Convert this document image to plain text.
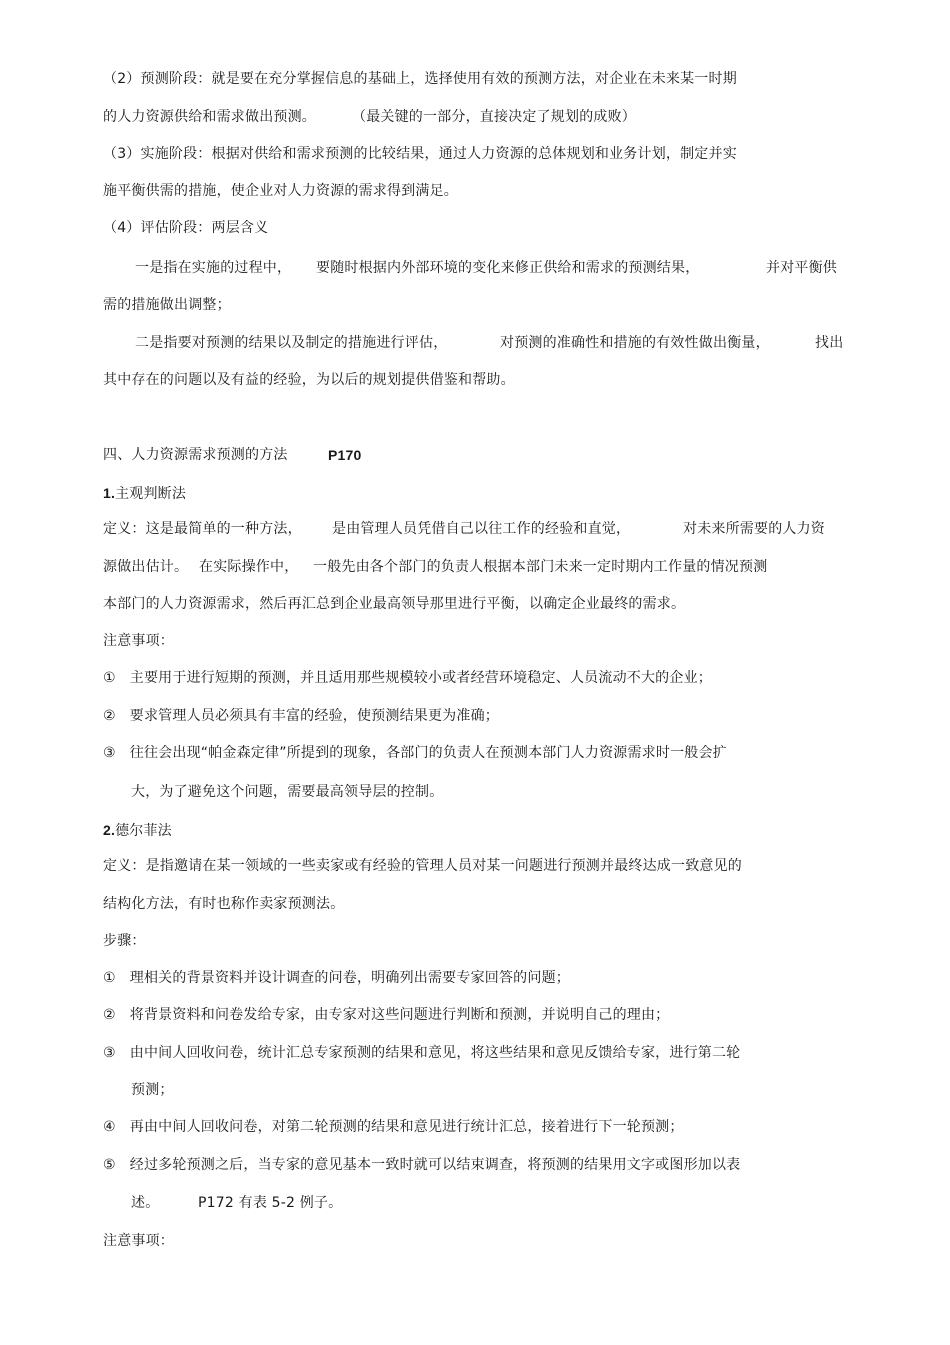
（2）预测阶段：就是要在充分掌握信息的基础上，选择使用有效的预测方法，对企业在未来某一时期
的人力资源供给和需求做出预测。	（最关键的一部分，直接决定了规划的成败）
（3）实施阶段：根据对供给和需求预测的比较结果，通过人力资源的总体规划和业务计划，制定并实
施平衡供需的措施，使企业对人力资源的需求得到满足。
（4）评估阶段：两层含义
一是指在实施的过程中， 要随时根据内外部环境的变化来修正供给和需求的预测结果，	并对平衡供
需的措施做出调整；
二是指要对预测的结果以及制定的措施进行评估，	对预测的准确性和措施的有效性做出衡量，	找出
其中存在的问题以及有益的经验，为以后的规划提供借鉴和帮助。
四、人力资源需求预测的方法	P170
1.主观判断法
定义：这是最简单的一种方法， 是由管理人员凭借自己以往工作的经验和直觉，	对未来所需要的人力资
源做出估计。 在实际操作中， 一般先由各个部门的负责人根据本部门未来一定时期内工作量的情况预测
本部门的人力资源需求，然后再汇总到企业最高领导那里进行平衡，以确定企业最终的需求。
注意事项：
① 主要用于进行短期的预测，并且适用那些规模较小或者经营环境稳定、人员流动不大的企业；
② 要求管理人员必须具有丰富的经验，使预测结果更为准确；
③ 往往会出现“帕金森定律”所提到的现象，各部门的负责人在预测本部门人力资源需求时一般会扩
大，为了避免这个问题，需要最高领导层的控制。
2.德尔菲法
定义：是指邀请在某一领域的一些卖家或有经验的管理人员对某一问题进行预测并最终达成一致意见的
结构化方法，有时也称作卖家预测法。
步骤：
① 理相关的背景资料并设计调查的问卷，明确列出需要专家回答的问题；
② 将背景资料和问卷发给专家，由专家对这些问题进行判断和预测，并说明自己的理由；
③ 由中间人回收问卷，统计汇总专家预测的结果和意见，将这些结果和意见反馈给专家，进行第二轮
预测；
④ 再由中间人回收问卷，对第二轮预测的结果和意见进行统计汇总，接着进行下一轮预测；
⑤ 经过多轮预测之后，当专家的意见基本一致时就可以结束调查，将预测的结果用文字或图形加以表
述。	P172 有表 5-2 例子。
注意事项：
